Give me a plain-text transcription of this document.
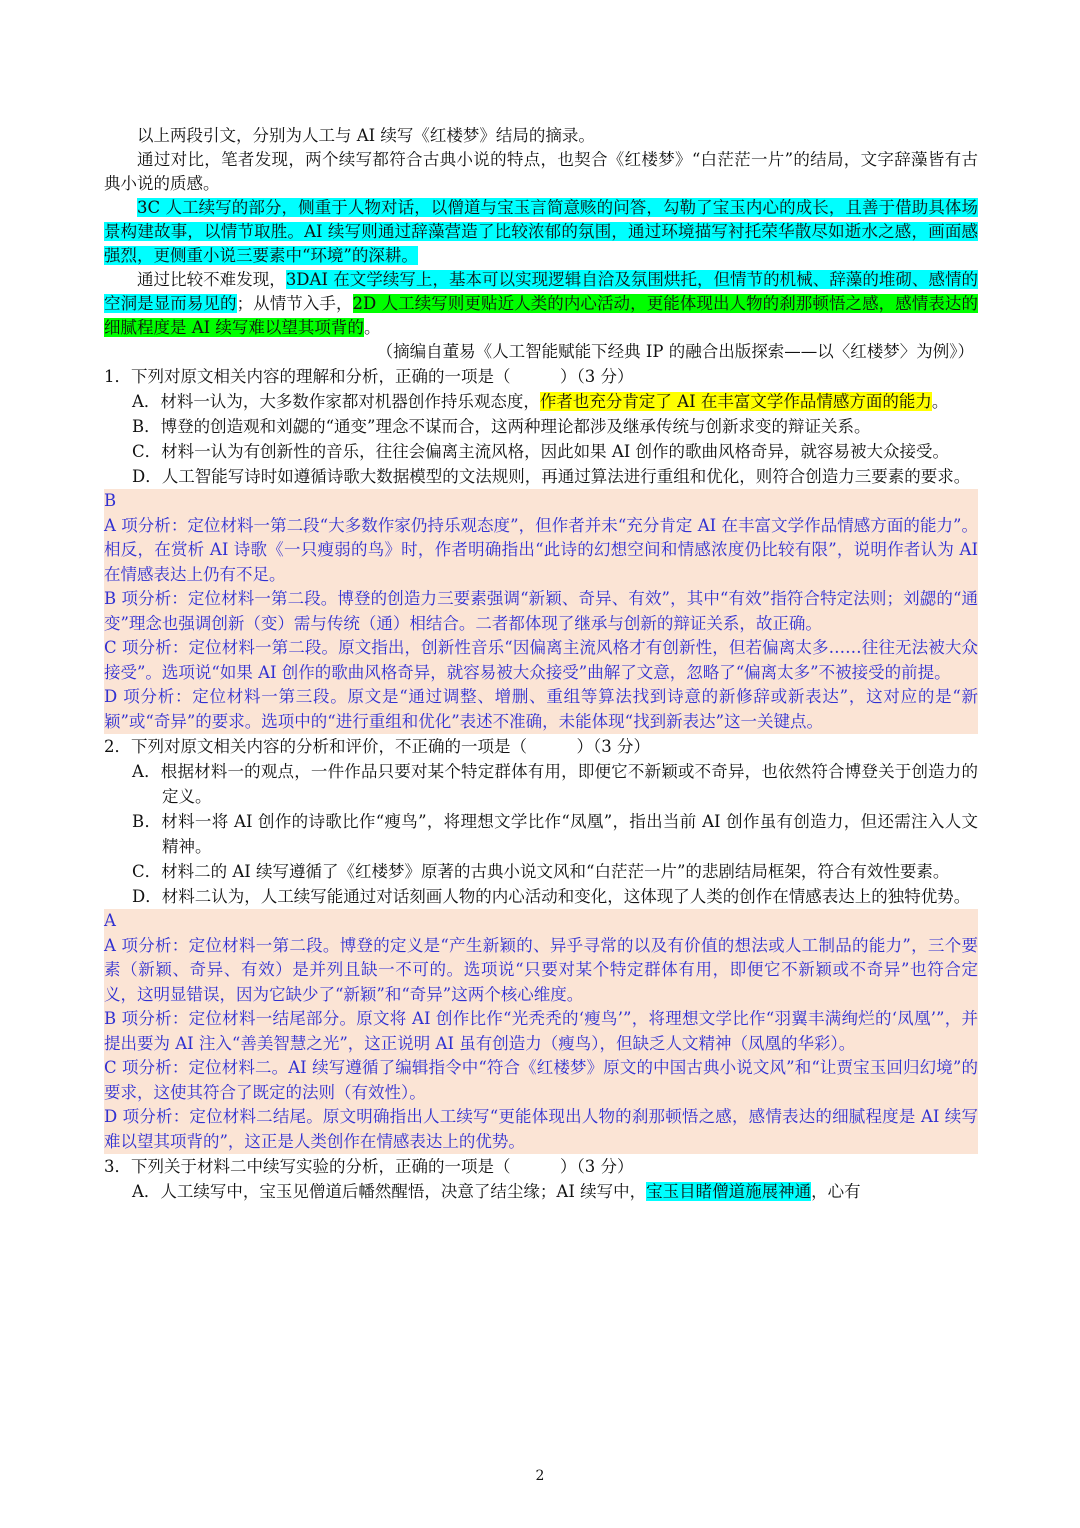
以上两段引文，分别为人工与 AI 续写《红楼梦》结局的摘录。

通过对比，笔者发现，两个续写都符合古典小说的特点，也契合《红楼梦》“白茫茫一片”的结局，文字辞藻皆有古典小说的质感。

3C 人工续写的部分，侧重于人物对话，以僧道与宝玉言简意赅的问答，勾勒了宝玉内心的成长，且善于借助具体场景构建故事，以情节取胜。AI 续写则通过辞藻营造了比较浓郁的氛围，通过环境描写衬托荣华散尽如逝水之感，画面感强烈，更侧重小说三要素中“环境”的深耕。

通过比较不难发现，3DAI 在文学续写上，基本可以实现逻辑自洽及氛围烘托，但情节的机械、辞藻的堆砌、感情的空洞是显而易见的；从情节入手，2D 人工续写则更贴近人类的内心活动，更能体现出人物的刹那顿悟之感，感情表达的细腻程度是 AI 续写难以望其项背的。

（摘编自董易《人工智能赋能下经典 IP 的融合出版探索——以〈红楼梦〉为例》）

1．下列对原文相关内容的理解和分析，正确的一项是（　　　）（3 分）

A．材料一认为，大多数作家都对机器创作持乐观态度，作者也充分肯定了 AI 在丰富文学作品情感方面的能力。

B．博登的创造观和刘勰的“通变”理念不谋而合，这两种理论都涉及继承传统与创新求变的辩证关系。

C．材料一认为有创新性的音乐，往往会偏离主流风格，因此如果 AI 创作的歌曲风格奇异，就容易被大众接受。

D．人工智能写诗时如遵循诗歌大数据模型的文法规则，再通过算法进行重组和优化，则符合创造力三要素的要求。

B
A 项分析：定位材料一第二段“大多数作家仍持乐观态度”，但作者并未“充分肯定 AI 在丰富文学作品情感方面的能力”。相反，在赏析 AI 诗歌《一只瘦弱的鸟》时，作者明确指出“此诗的幻想空间和情感浓度仍比较有限”，说明作者认为 AI 在情感表达上仍有不足。
B 项分析：定位材料一第二段。博登的创造力三要素强调“新颖、奇异、有效”，其中“有效”指符合特定法则；刘勰的“通变”理念也强调创新（变）需与传统（通）相结合。二者都体现了继承与创新的辩证关系，故正确。
C 项分析：定位材料一第二段。原文指出，创新性音乐“因偏离主流风格才有创新性，但若偏离太多……往往无法被大众接受”。选项说“如果 AI 创作的歌曲风格奇异，就容易被大众接受”曲解了文意，忽略了“偏离太多”不被接受的前提。
D 项分析：定位材料一第三段。原文是“通过调整、增删、重组等算法找到诗意的新修辞或新表达”，这对应的是“新颖”或“奇异”的要求。选项中的“进行重组和优化”表述不准确，未能体现“找到新表达”这一关键点。

2．下列对原文相关内容的分析和评价，不正确的一项是（　　　）（3 分）

A．根据材料一的观点，一件作品只要对某个特定群体有用，即便它不新颖或不奇异，也依然符合博登关于创造力的定义。

B．材料一将 AI 创作的诗歌比作“瘦鸟”，将理想文学比作“凤凰”，指出当前 AI 创作虽有创造力，但还需注入人文精神。

C．材料二的 AI 续写遵循了《红楼梦》原著的古典小说文风和“白茫茫一片”的悲剧结局框架，符合有效性要素。

D．材料二认为，人工续写能通过对话刻画人物的内心活动和变化，这体现了人类的创作在情感表达上的独特优势。

A
A 项分析：定位材料一第二段。博登的定义是“产生新颖的、异乎寻常的以及有价值的想法或人工制品的能力”，三个要素（新颖、奇异、有效）是并列且缺一不可的。选项说“只要对某个特定群体有用，即便它不新颖或不奇异”也符合定义，这明显错误，因为它缺少了“新颖”和“奇异”这两个核心维度。
B 项分析：定位材料一结尾部分。原文将 AI 创作比作“光秃秃的‘瘦鸟’”，将理想文学比作“羽翼丰满绚烂的‘凤凰’”，并提出要为 AI 注入“善美智慧之光”，这正说明 AI 虽有创造力（瘦鸟），但缺乏人文精神（凤凰的华彩）。
C 项分析：定位材料二。AI 续写遵循了编辑指令中“符合《红楼梦》原文的中国古典小说文风”和“让贾宝玉回归幻境”的要求，这使其符合了既定的法则（有效性）。
D 项分析：定位材料二结尾。原文明确指出人工续写“更能体现出人物的刹那顿悟之感，感情表达的细腻程度是 AI 续写难以望其项背的”，这正是人类创作在情感表达上的优势。

3．下列关于材料二中续写实验的分析，正确的一项是（　　　）（3 分）

A．人工续写中，宝玉见僧道后幡然醒悟，决意了结尘缘；AI 续写中，宝玉目睹僧道施展神通，心有

2
